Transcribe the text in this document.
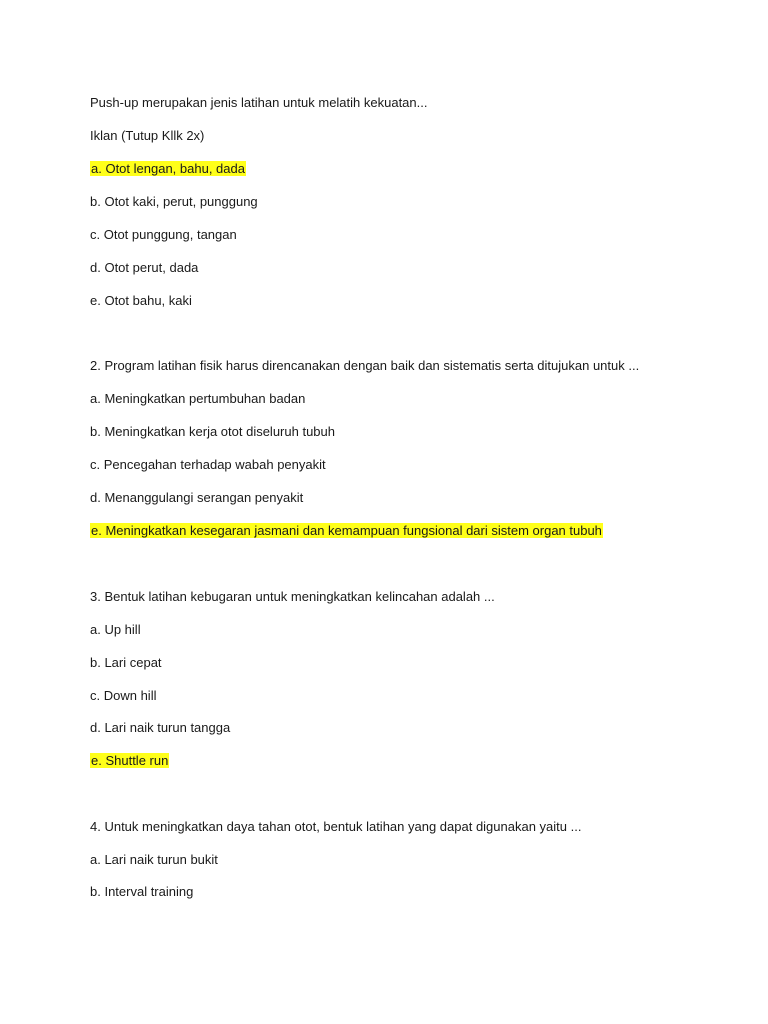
Push-up merupakan jenis latihan untuk melatih kekuatan...
Iklan (Tutup Kllk 2x)
a. Otot lengan, bahu, dada
b. Otot kaki, perut, punggung
c. Otot punggung, tangan
d. Otot perut, dada
e. Otot bahu, kaki
2. Program latihan fisik harus direncanakan dengan baik dan sistematis serta ditujukan untuk ...
a. Meningkatkan pertumbuhan badan
b. Meningkatkan kerja otot diseluruh tubuh
c. Pencegahan terhadap wabah penyakit
d. Menanggulangi serangan penyakit
e. Meningkatkan kesegaran jasmani dan kemampuan fungsional dari sistem organ tubuh
3. Bentuk latihan kebugaran untuk meningkatkan kelincahan adalah ...
a. Up hill
b. Lari cepat
c. Down hill
d. Lari naik turun tangga
e. Shuttle run
4. Untuk meningkatkan daya tahan otot, bentuk latihan yang dapat digunakan yaitu ...
a. Lari naik turun bukit
b. Interval training
